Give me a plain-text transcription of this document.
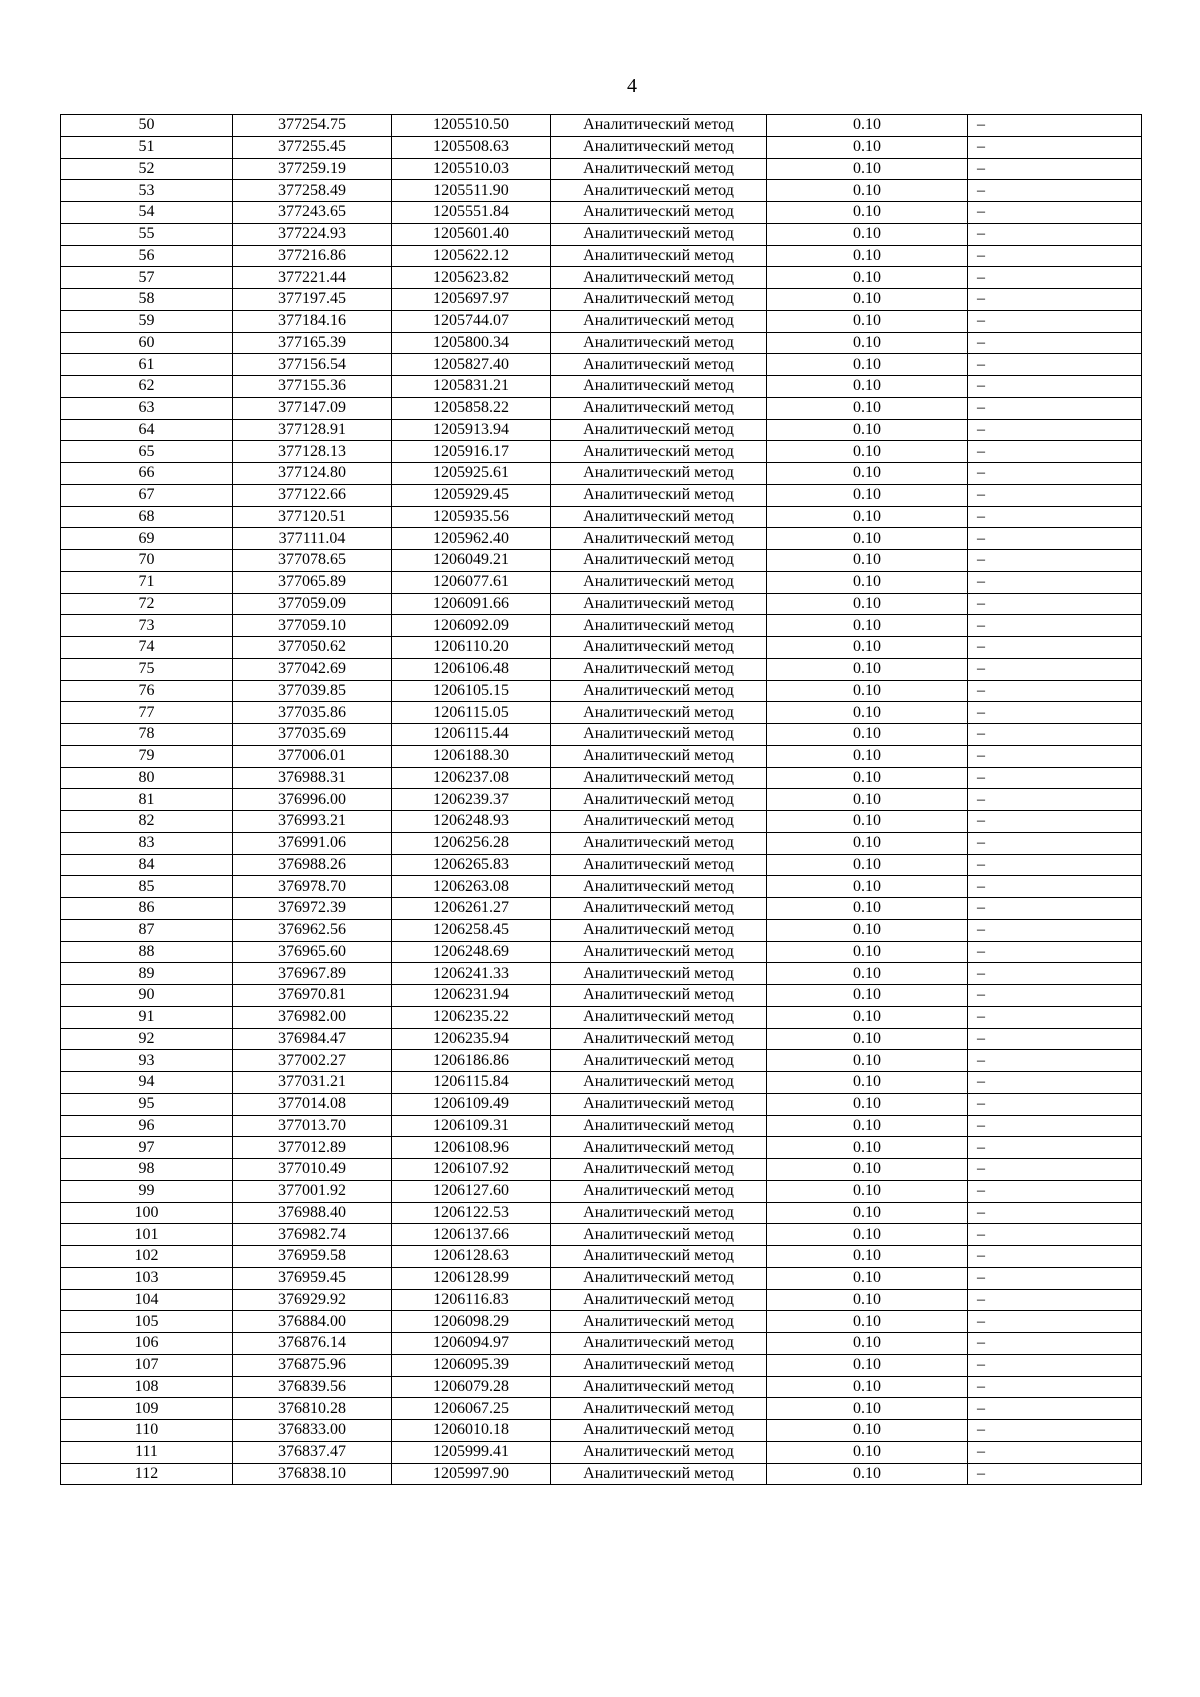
4
50	377254.75	1205510.50	Аналитический метод	0.10	–
51	377255.45	1205508.63	Аналитический метод	0.10	–
52	377259.19	1205510.03	Аналитический метод	0.10	–
53	377258.49	1205511.90	Аналитический метод	0.10	–
54	377243.65	1205551.84	Аналитический метод	0.10	–
55	377224.93	1205601.40	Аналитический метод	0.10	–
56	377216.86	1205622.12	Аналитический метод	0.10	–
57	377221.44	1205623.82	Аналитический метод	0.10	–
58	377197.45	1205697.97	Аналитический метод	0.10	–
59	377184.16	1205744.07	Аналитический метод	0.10	–
60	377165.39	1205800.34	Аналитический метод	0.10	–
61	377156.54	1205827.40	Аналитический метод	0.10	–
62	377155.36	1205831.21	Аналитический метод	0.10	–
63	377147.09	1205858.22	Аналитический метод	0.10	–
64	377128.91	1205913.94	Аналитический метод	0.10	–
65	377128.13	1205916.17	Аналитический метод	0.10	–
66	377124.80	1205925.61	Аналитический метод	0.10	–
67	377122.66	1205929.45	Аналитический метод	0.10	–
68	377120.51	1205935.56	Аналитический метод	0.10	–
69	377111.04	1205962.40	Аналитический метод	0.10	–
70	377078.65	1206049.21	Аналитический метод	0.10	–
71	377065.89	1206077.61	Аналитический метод	0.10	–
72	377059.09	1206091.66	Аналитический метод	0.10	–
73	377059.10	1206092.09	Аналитический метод	0.10	–
74	377050.62	1206110.20	Аналитический метод	0.10	–
75	377042.69	1206106.48	Аналитический метод	0.10	–
76	377039.85	1206105.15	Аналитический метод	0.10	–
77	377035.86	1206115.05	Аналитический метод	0.10	–
78	377035.69	1206115.44	Аналитический метод	0.10	–
79	377006.01	1206188.30	Аналитический метод	0.10	–
80	376988.31	1206237.08	Аналитический метод	0.10	–
81	376996.00	1206239.37	Аналитический метод	0.10	–
82	376993.21	1206248.93	Аналитический метод	0.10	–
83	376991.06	1206256.28	Аналитический метод	0.10	–
84	376988.26	1206265.83	Аналитический метод	0.10	–
85	376978.70	1206263.08	Аналитический метод	0.10	–
86	376972.39	1206261.27	Аналитический метод	0.10	–
87	376962.56	1206258.45	Аналитический метод	0.10	–
88	376965.60	1206248.69	Аналитический метод	0.10	–
89	376967.89	1206241.33	Аналитический метод	0.10	–
90	376970.81	1206231.94	Аналитический метод	0.10	–
91	376982.00	1206235.22	Аналитический метод	0.10	–
92	376984.47	1206235.94	Аналитический метод	0.10	–
93	377002.27	1206186.86	Аналитический метод	0.10	–
94	377031.21	1206115.84	Аналитический метод	0.10	–
95	377014.08	1206109.49	Аналитический метод	0.10	–
96	377013.70	1206109.31	Аналитический метод	0.10	–
97	377012.89	1206108.96	Аналитический метод	0.10	–
98	377010.49	1206107.92	Аналитический метод	0.10	–
99	377001.92	1206127.60	Аналитический метод	0.10	–
100	376988.40	1206122.53	Аналитический метод	0.10	–
101	376982.74	1206137.66	Аналитический метод	0.10	–
102	376959.58	1206128.63	Аналитический метод	0.10	–
103	376959.45	1206128.99	Аналитический метод	0.10	–
104	376929.92	1206116.83	Аналитический метод	0.10	–
105	376884.00	1206098.29	Аналитический метод	0.10	–
106	376876.14	1206094.97	Аналитический метод	0.10	–
107	376875.96	1206095.39	Аналитический метод	0.10	–
108	376839.56	1206079.28	Аналитический метод	0.10	–
109	376810.28	1206067.25	Аналитический метод	0.10	–
110	376833.00	1206010.18	Аналитический метод	0.10	–
111	376837.47	1205999.41	Аналитический метод	0.10	–
112	376838.10	1205997.90	Аналитический метод	0.10	–
